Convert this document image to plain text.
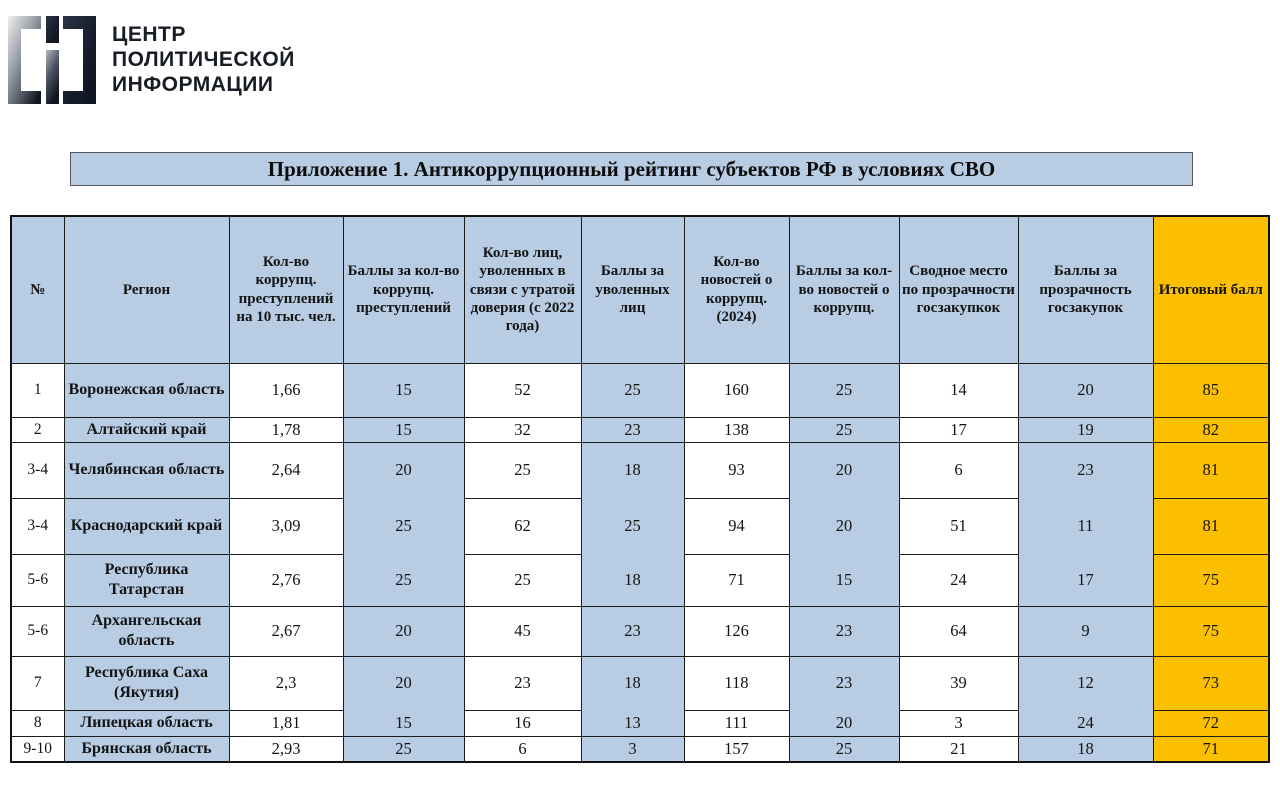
ЦЕНТР
ПОЛИТИЧЕСКОЙ
ИНФОРМАЦИИ
Приложение 1. Антикоррупционный рейтинг субъектов РФ в условиях СВО
№	Регион	Кол-во коррупц. преступлений на 10 тыс. чел.	Баллы за кол-во коррупц. преступлений	Кол-во лиц, уволенных в связи с утратой доверия (с 2022 года)	Баллы за уволенных лиц	Кол-во новостей о коррупц. (2024)	Баллы за кол-во новостей о коррупц.	Сводное место по прозрачности госзакупкок	Баллы за прозрачность госзакупок	Итоговый балл
1	Воронежская область	1,66	15	52	25	160	25	14	20	85
2	Алтайский край	1,78	15	32	23	138	25	17	19	82
3-4	Челябинская область	2,64	20	25	18	93	20	6	23	81
3-4	Краснодарский край	3,09	25	62	25	94	20	51	11	81
5-6	Республика Татарстан	2,76	25	25	18	71	15	24	17	75
5-6	Архангельская область	2,67	20	45	23	126	23	64	9	75
7	Республика Саха (Якутия)	2,3	20	23	18	118	23	39	12	73
8	Липецкая область	1,81	15	16	13	111	20	3	24	72
9-10	Брянская область	2,93	25	6	3	157	25	21	18	71
